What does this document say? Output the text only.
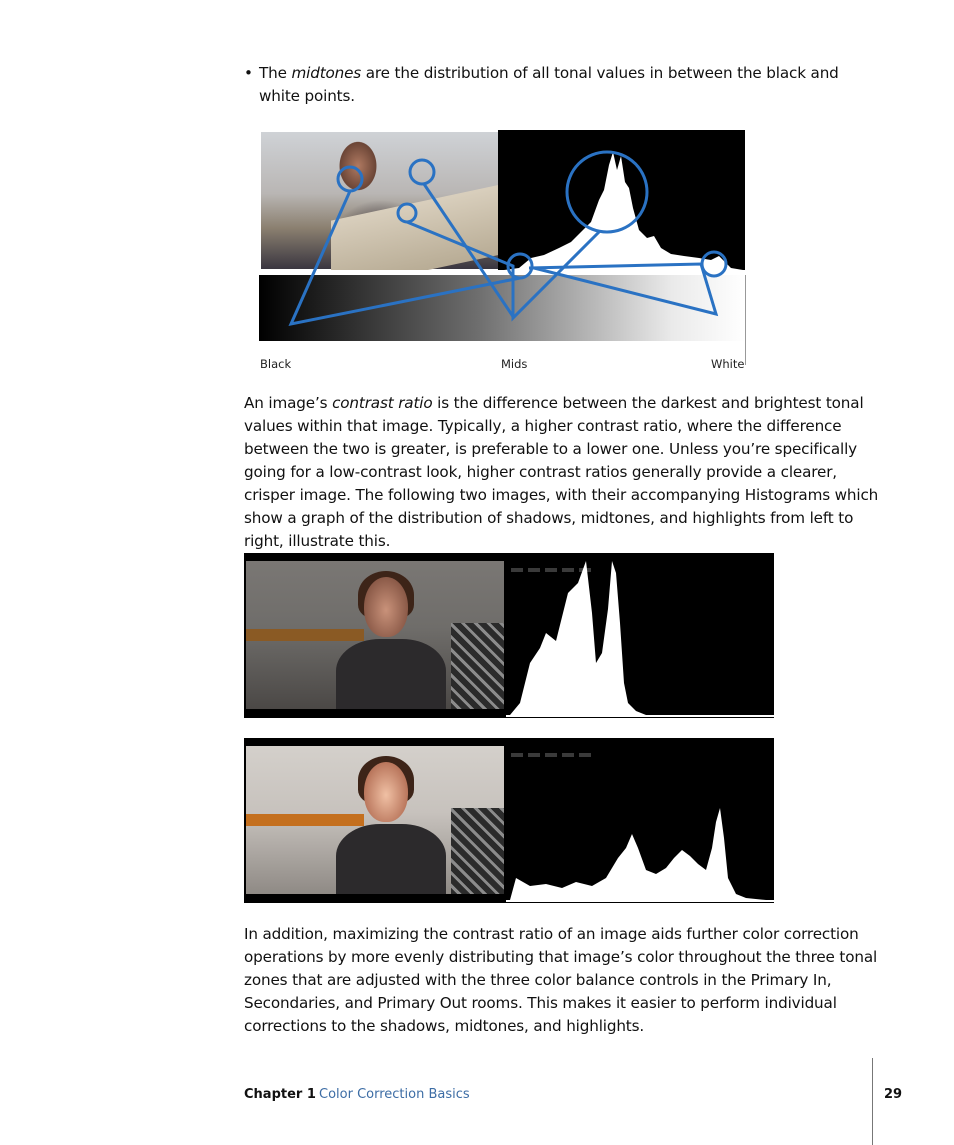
• The midtones are the distribution of all tonal values in between the black and white points.
Black	Mids	White
An image’s contrast ratio is the difference between the darkest and brightest tonal values within that image. Typically, a higher contrast ratio, where the difference between the two is greater, is preferable to a lower one. Unless you’re specifically going for a low-contrast look, higher contrast ratios generally provide a clearer, crisper image. The following two images, with their accompanying Histograms which show a graph of the distribution of shadows, midtones, and highlights from left to right, illustrate this.
In addition, maximizing the contrast ratio of an image aids further color correction operations by more evenly distributing that image’s color throughout the three tonal zones that are adjusted with the three color balance controls in the Primary In, Secondaries, and Primary Out rooms. This makes it easier to perform individual corrections to the shadows, midtones, and highlights.
Chapter 1 Color Correction Basics	29
